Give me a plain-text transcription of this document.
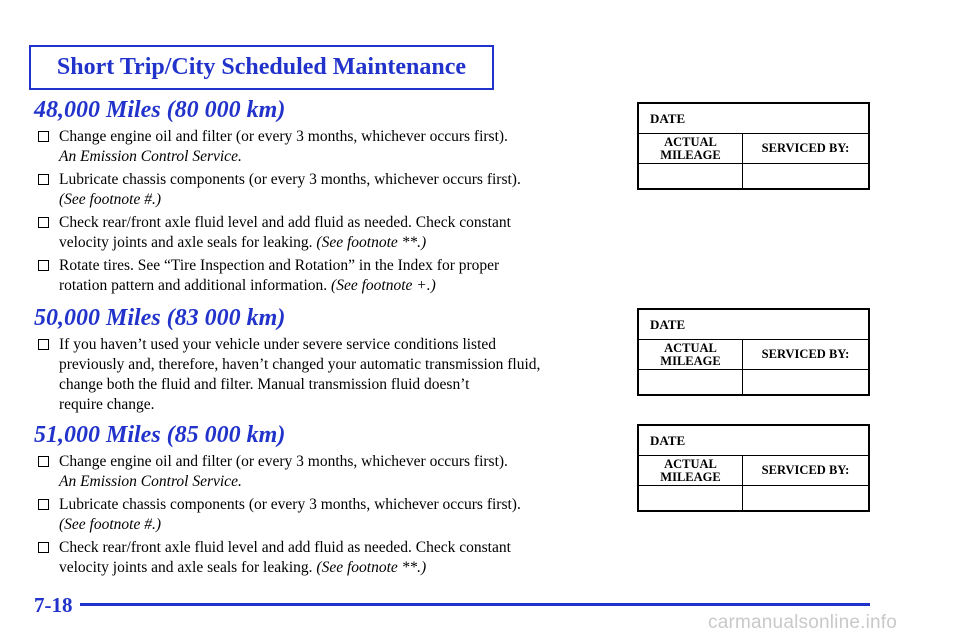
Short Trip/City Scheduled Maintenance
48,000 Miles (80 000 km)
Change engine oil and filter (or every 3 months, whichever occurs first).
An Emission Control Service.
Lubricate chassis components (or every 3 months, whichever occurs first).
(See footnote #.)
Check rear/front axle fluid level and add fluid as needed. Check constant
velocity joints and axle seals for leaking. (See footnote **.)
Rotate tires. See “Tire Inspection and Rotation” in the Index for proper
rotation pattern and additional information. (See footnote +.)
50,000 Miles (83 000 km)
If you haven’t used your vehicle under severe service conditions listed
previously and, therefore, haven’t changed your automatic transmission fluid,
change both the fluid and filter. Manual transmission fluid doesn’t
require change.
51,000 Miles (85 000 km)
Change engine oil and filter (or every 3 months, whichever occurs first).
An Emission Control Service.
Lubricate chassis components (or every 3 months, whichever occurs first).
(See footnote #.)
Check rear/front axle fluid level and add fluid as needed. Check constant
velocity joints and axle seals for leaking. (See footnote **.)
DATE
ACTUAL
MILEAGE	SERVICED BY:
DATE
ACTUAL
MILEAGE	SERVICED BY:
DATE
ACTUAL
MILEAGE	SERVICED BY:
7-18
carmanualsonline.info
